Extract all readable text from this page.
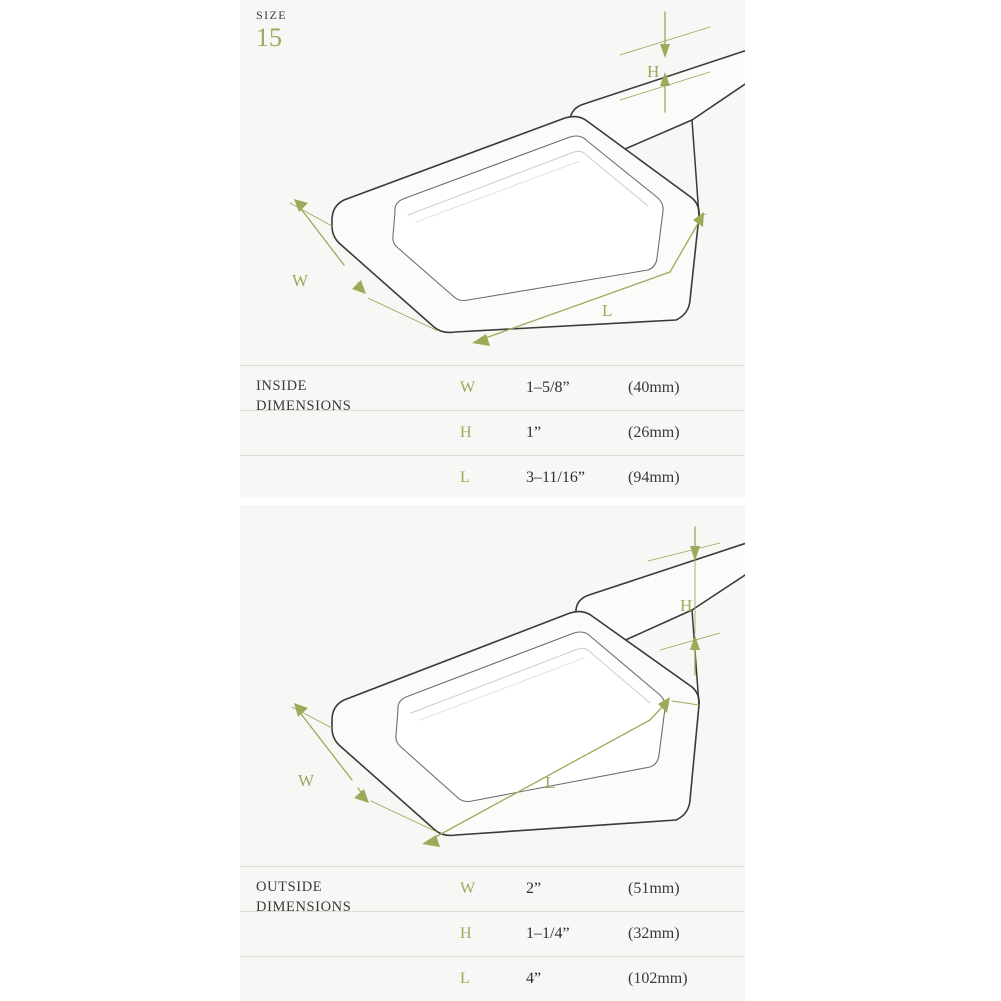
SIZE
15
H
W
L
INSIDE
DIMENSIONS
W	1–5/8”	(40mm)
H	1”	(26mm)
L	3–11/16”	(94mm)
H
W	L
OUTSIDE
DIMENSIONS
W	2”	(51mm)
H	1–1/4”	(32mm)
L	4”	(102mm)
